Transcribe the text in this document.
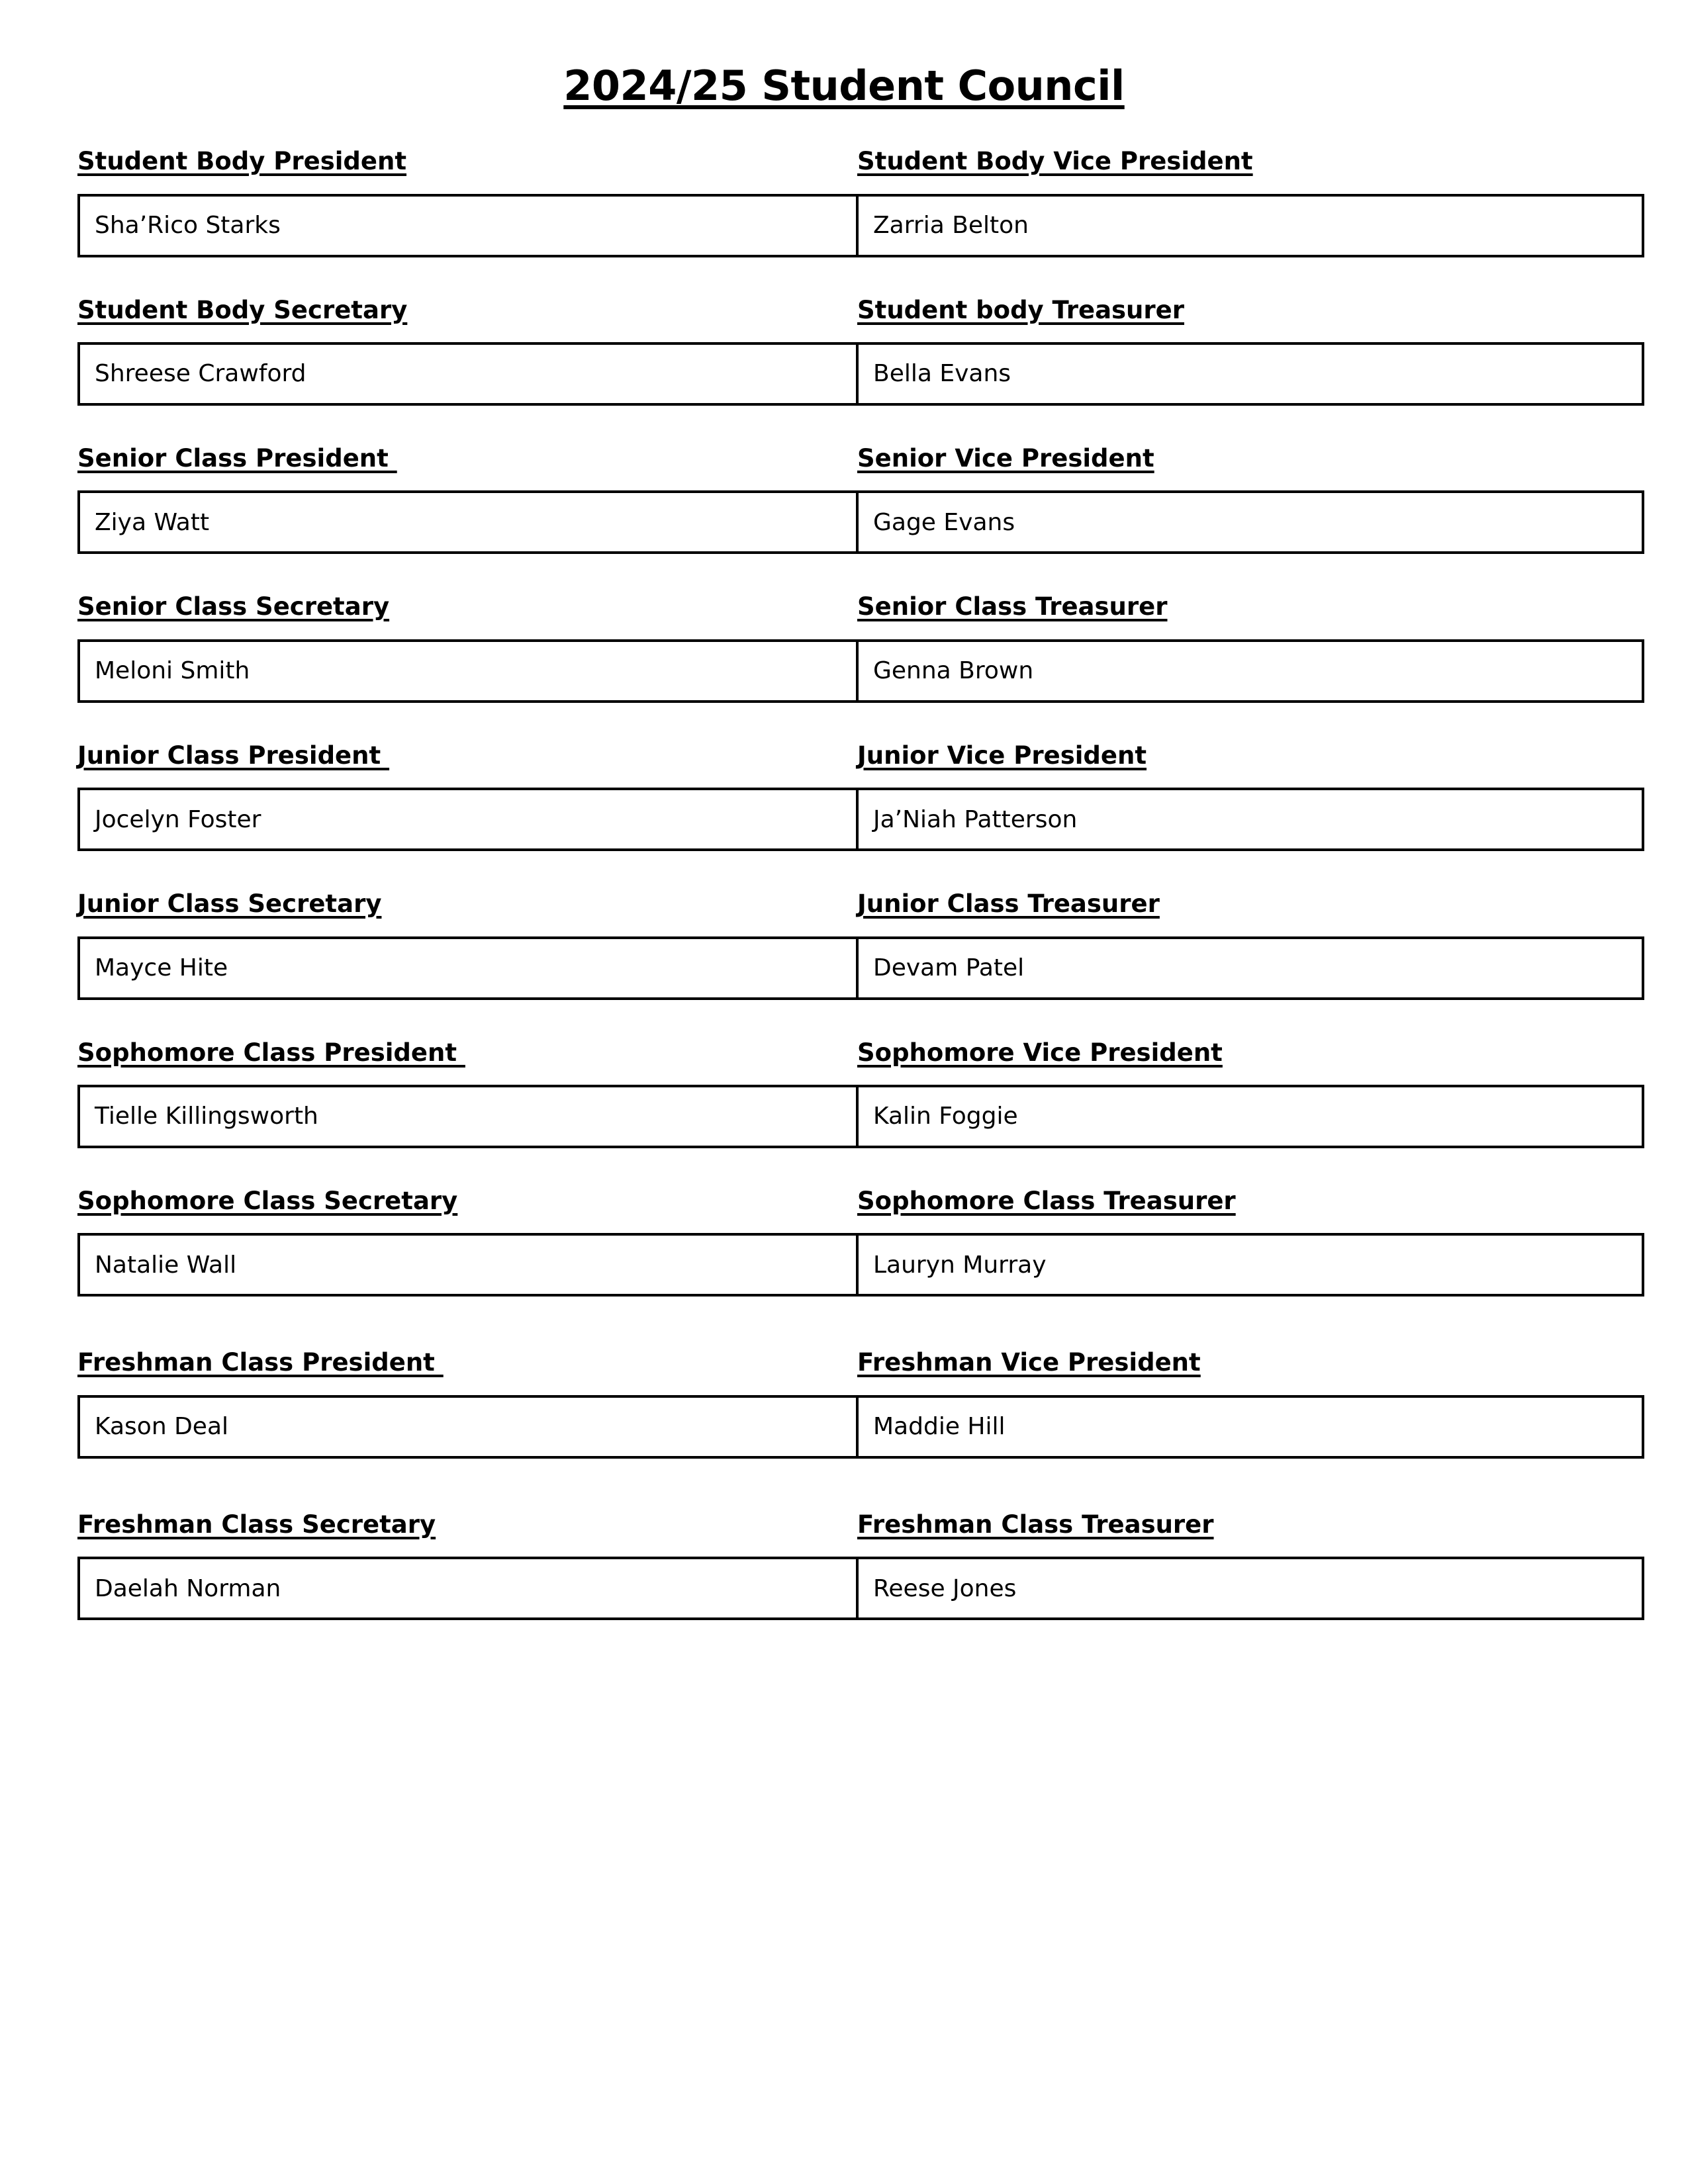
2024/25 Student Council
Student Body President	Student Body Vice President
Sha’Rico Starks	Zarria Belton
Student Body Secretary	Student body Treasurer
Shreese Crawford	Bella Evans
Senior Class President	Senior Vice President
Ziya Watt	Gage Evans
Senior Class Secretary	Senior Class Treasurer
Meloni Smith	Genna Brown
Junior Class President	Junior Vice President
Jocelyn Foster	Ja’Niah Patterson
Junior Class Secretary	Junior Class Treasurer
Mayce Hite	Devam Patel
Sophomore Class President	Sophomore Vice President
Tielle Killingsworth	Kalin Foggie
Sophomore Class Secretary	Sophomore Class Treasurer
Natalie Wall	Lauryn Murray
Freshman Class President	Freshman Vice President
Kason Deal	Maddie Hill
Freshman Class Secretary	Freshman Class Treasurer
Daelah Norman	Reese Jones
